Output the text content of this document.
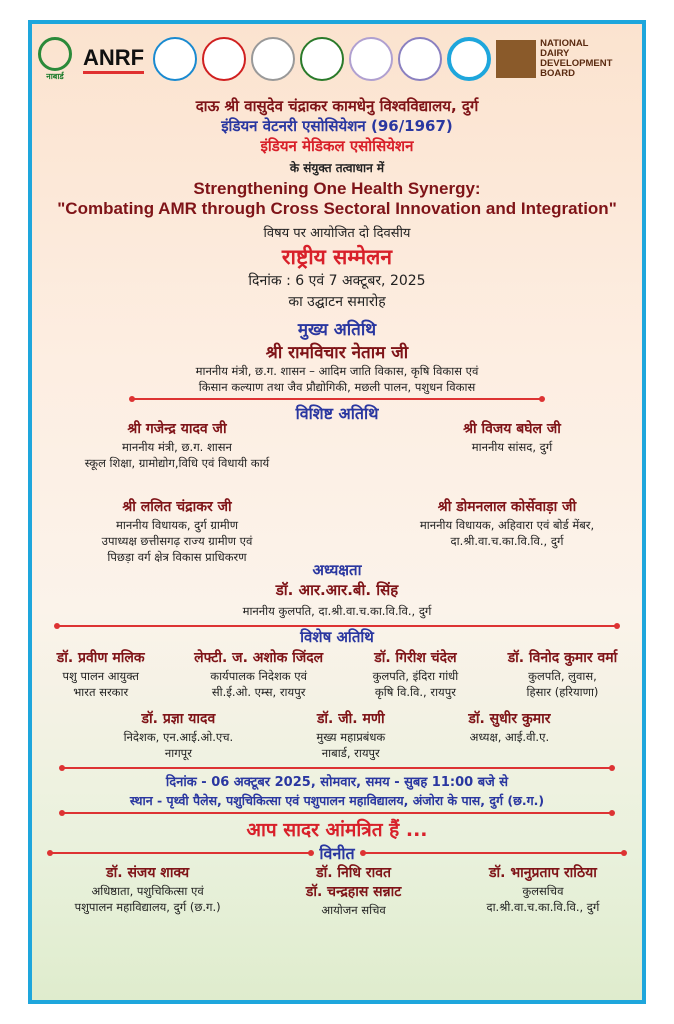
नाबार्ड
ANRF
NATIONAL
DAIRY
DEVELOPMENT
BOARD
दाऊ श्री वासुदेव चंद्राकर कामधेनु विश्वविद्यालय, दुर्ग
इंडियन वेटनरी एसोसियेशन (96/1967)
इंडियन मेडिकल एसोसियेशन
के संयुक्त तत्वाधान में
Strengthening One Health Synergy:
"Combating AMR through Cross Sectoral Innovation and Integration"
विषय पर आयोजित दो दिवसीय
राष्ट्रीय सम्मेलन
दिनांक : 6 एवं 7 अक्टूबर, 2025
का उद्घाटन समारोह
मुख्य अतिथि
श्री रामविचार नेताम जी
माननीय मंत्री, छ.ग. शासन – आदिम जाति विकास, कृषि विकास एवं
किसान कल्याण तथा जैव प्रौद्योगिकी, मछली पालन, पशुधन विकास
विशिष्ट अतिथि
श्री गजेन्द्र यादव जी
माननीय मंत्री, छ.ग. शासन
स्कूल शिक्षा, ग्रामोद्योग,विधि एवं विधायी कार्य
श्री विजय बघेल जी
माननीय सांसद, दुर्ग
श्री ललित चंद्राकर जी
माननीय विधायक, दुर्ग ग्रामीण
उपाध्यक्ष छत्तीसगढ़ राज्य ग्रामीण एवं
पिछड़ा वर्ग क्षेत्र विकास प्राधिकरण
श्री डोमनलाल कोर्सेवाड़ा जी
माननीय विधायक, अहिवारा एवं बोर्ड मेंबर,
दा.श्री.वा.च.का.वि.वि., दुर्ग
अध्यक्षता
डॉ. आर.आर.बी. सिंह
माननीय कुलपति, दा.श्री.वा.च.का.वि.वि., दुर्ग
विशेष अतिथि
डॉ. प्रवीण मलिक
पशु पालन आयुक्त
भारत सरकार
लेफ्टी. ज. अशोक जिंदल
कार्यपालक निदेशक एवं
सी.ई.ओ. एम्स, रायपुर
डॉ. गिरीश चंदेल
कुलपति, इंदिरा गांधी
कृषि वि.वि., रायपुर
डॉ. विनोद कुमार वर्मा
कुलपति, लुवास,
हिसार (हरियाणा)
डॉ. प्रज्ञा यादव
निदेशक, एन.आई.ओ.एच.
नागपूर
डॉ. जी. मणी
मुख्य महाप्रबंधक
नाबार्ड, रायपुर
डॉ. सुधीर कुमार
अध्यक्ष, आई.वी.ए.
दिनांक - 06 अक्टूबर 2025, सोमवार, समय - सुबह 11:00 बजे से
स्थान - पृथ्वी पैलेस, पशुचिकित्सा एवं पशुपालन महाविद्यालय, अंजोरा के पास, दुर्ग (छ.ग.)
आप सादर आंमत्रित हैं ...
विनीत
डॉ. संजय शाक्य
अधिष्ठाता, पशुचिकित्सा एवं
पशुपालन महाविद्यालय, दुर्ग (छ.ग.)
डॉ. निधि रावत
डॉ. चन्द्रहास सन्नाट
आयोजन सचिव
डॉ. भानुप्रताप राठिया
कुलसचिव
दा.श्री.वा.च.का.वि.वि., दुर्ग
